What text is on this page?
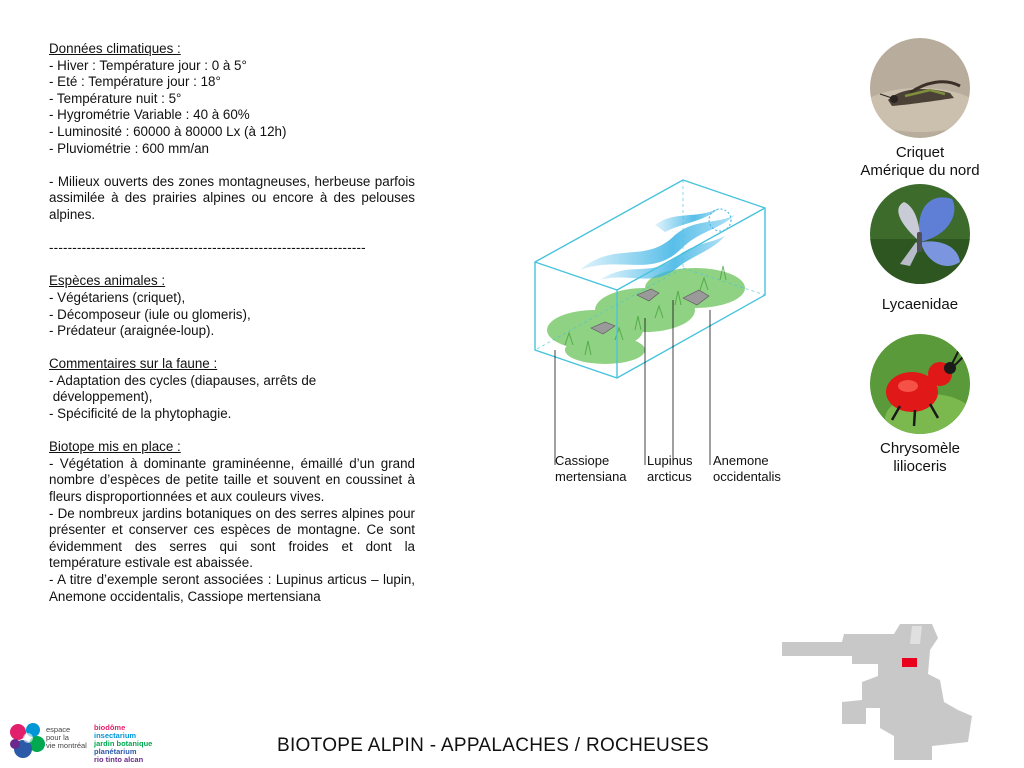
Données climatiques :

- Hiver : Température jour : 0 à 5°

- Eté : Température jour : 18°

- Température nuit : 5°

- Hygrométrie Variable : 40 à 60%

- Luminosité : 60000 à 80000 Lx (à 12h)

- Pluviométrie : 600 mm/an

- Milieux ouverts des zones montagneuses, herbeuse parfois assimilée à des prairies alpines ou encore à des pelouses alpines.

--------------------------------------------------------------------

Espèces animales :

- Végétariens (criquet),

- Décomposeur (iule ou glomeris),

- Prédateur (araignée-loup).

Commentaires sur la faune :

- Adaptation des cycles (diapauses, arrêts de

développement),

- Spécificité de la phytophagie.

Biotope mis en place :

- Végétation à dominante graminéenne, émaillé d’un grand nombre d’espèces de petite taille et souvent en coussinet à fleurs disproportionnées et aux couleurs vives.

- De nombreux jardins botaniques on des serres alpines pour présenter et conserver ces espèces de montagne. Ce sont évidemment des serres qui sont froides et dont la température estivale est abaissée.

- A titre d’exemple seront associées : Lupinus articus – lupin, Anemone occidentalis, Cassiope mertensiana

Cassiope
mertensiana
Lupinus
arcticus
Anemone
occidentalis
Criquet
Amérique du nord
Lycaenidae
Chrysomèle
lilioceris
espace
pour la
vie montréal
biodôme
insectarium
jardin botanique
planétarium
rio tinto alcan
BIOTOPE ALPIN - APPALACHES / ROCHEUSES
